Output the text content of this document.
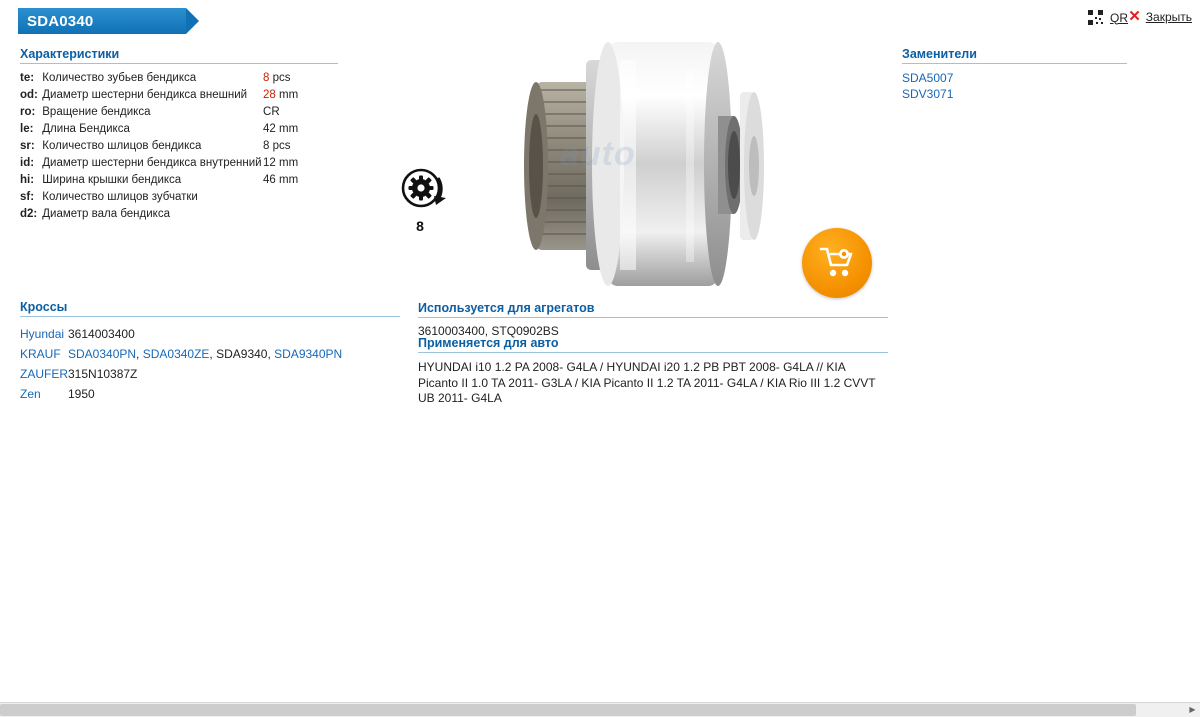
SDA0340	QR ✕ Закрыть
Характеристики
te:	Количество зубьев бендикса	8 pcs
od:	Диаметр шестерни бендикса внешний	28 mm
ro:	Вращение бендикса	CR
le:	Длина Бендикса	42 mm
sr:	Количество шлицов бендикса	8 pcs
id:	Диаметр шестерни бендикса внутренний	12 mm
hi:	Ширина крышки бендикса	46 mm
sf:	Количество шлицов зубчатки	
d2:	Диаметр вала бендикса	
8
auto
Заменители
SDA5007
SDV3071
Кроссы
Hyundai	3614003400
KRAUF	SDA0340PN, SDA0340ZE, SDA9340, SDA9340PN
ZAUFER	315N10387Z
Zen	1950
Используется для агрегатов
3610003400, STQ0902BS
Применяется для авто
HYUNDAI i10 1.2 PA 2008- G4LA / HYUNDAI i20 1.2 PB PBT 2008- G4LA // KIA Picanto II 1.0 TA 2011- G3LA / KIA Picanto II 1.2 TA 2011- G4LA / KIA Rio III 1.2 CVVT UB 2011- G4LA
▶
